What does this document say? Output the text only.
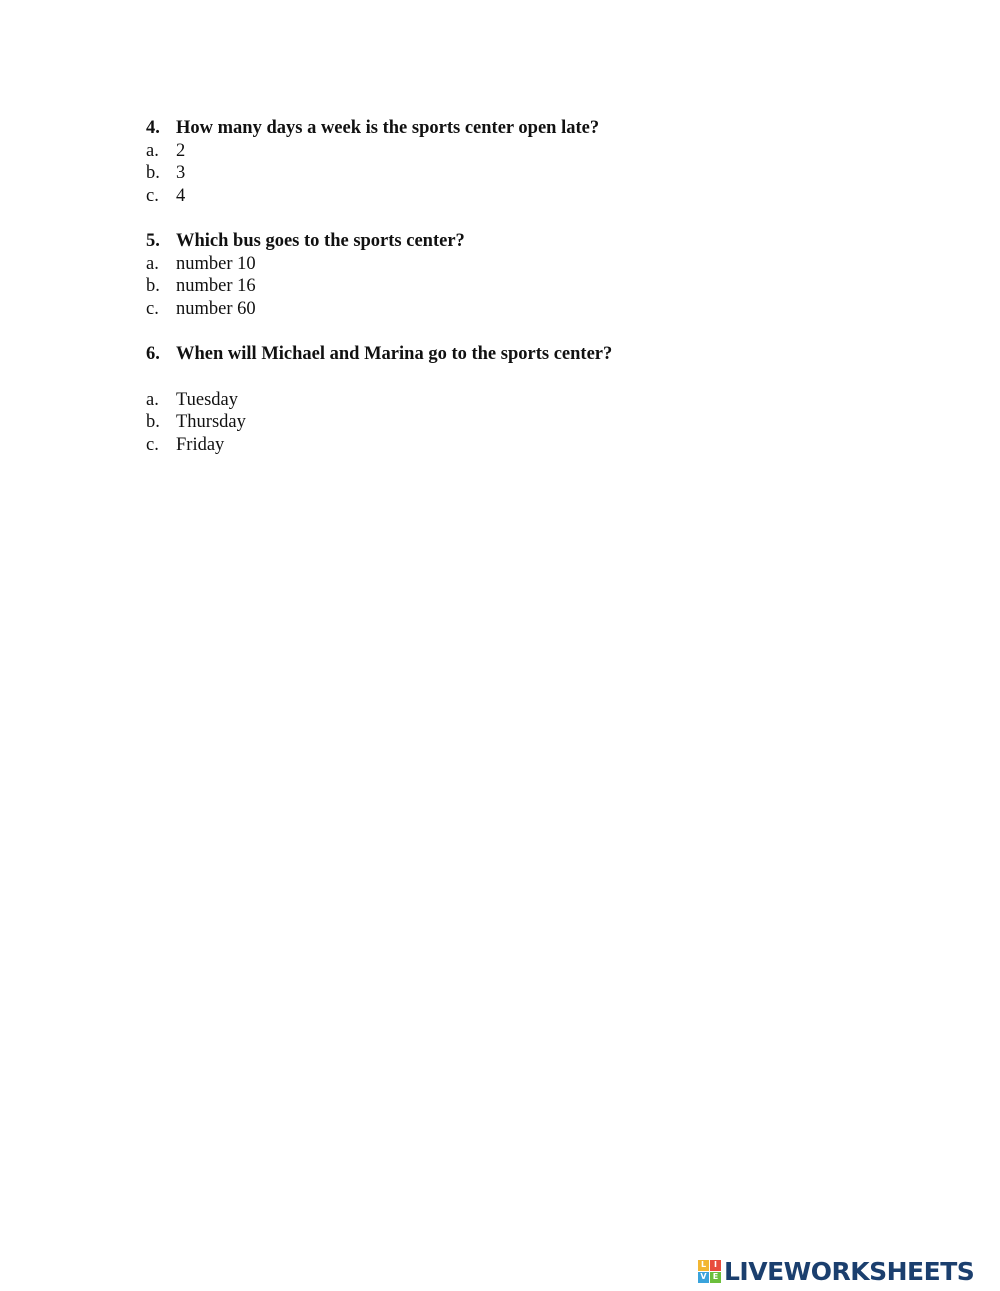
4. How many days a week is the sports center open late?
a. 2
b. 3
c. 4
5. Which bus goes to the sports center?
a. number 10
b. number 16
c. number 60
6. When will Michael and Marina go to the sports center?
a. Tuesday
b. Thursday
c. Friday
L I
V E LIVEWORKSHEETS
